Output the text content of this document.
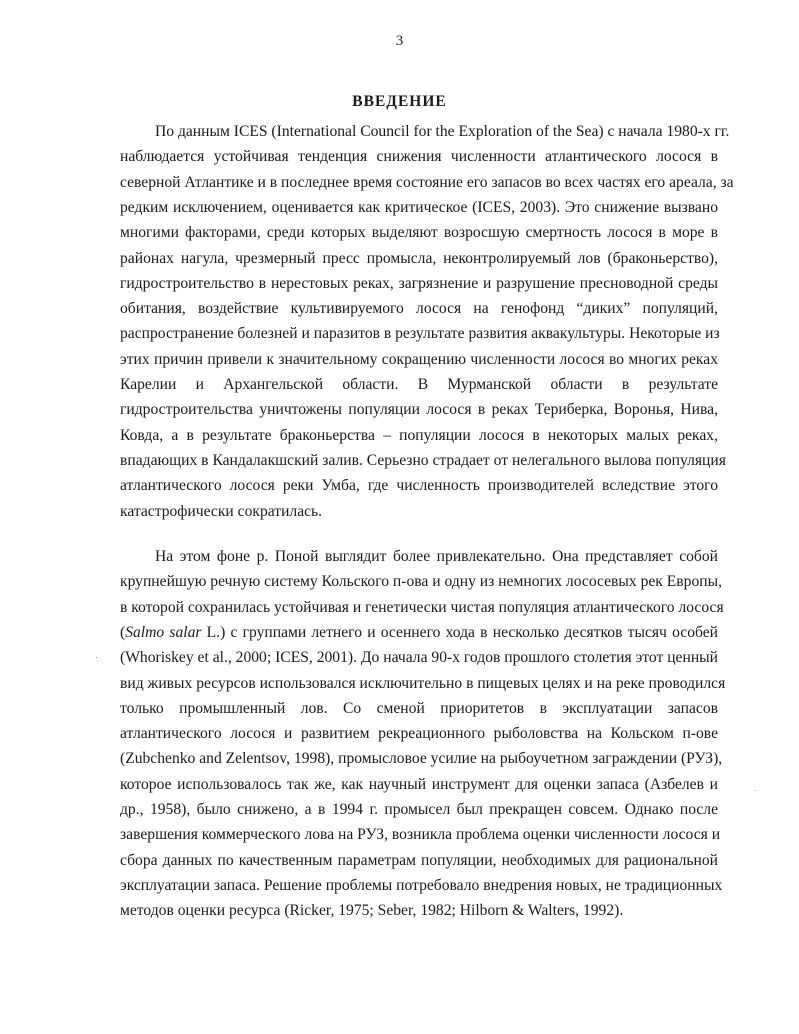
3
ВВЕДЕНИЕ
По данным ICES (International Council for the Exploration of the Sea) с начала 1980-х гг.
наблюдается устойчивая тенденция снижения численности атлантического лосося в
северной Атлантике и в последнее время состояние его запасов во всех частях его ареала, за
редким исключением, оценивается как критическое (ICES, 2003). Это снижение вызвано
многими факторами, среди которых выделяют возросшую смертность лосося в море в
районах нагула, чрезмерный пресс промысла, неконтролируемый лов (браконьерство),
гидростроительство в нерестовых реках, загрязнение и разрушение пресноводной среды
обитания, воздействие культивируемого лосося на генофонд “диких” популяций,
распространение болезней и паразитов в результате развития аквакультуры. Некоторые из
этих причин привели к значительному сокращению численности лосося во многих реках
Карелии и Архангельской области. В Мурманской области в результате
гидростроительства уничтожены популяции лосося в реках Териберка, Воронья, Нива,
Ковда, а в результате браконьерства – популяции лосося в некоторых малых реках,
впадающих в Кандалакшский залив. Серьезно страдает от нелегального вылова популяция
атлантического лосося реки Умба, где численность производителей вследствие этого
катастрофически сократилась.
На этом фоне р. Поной выглядит более привлекательно. Она представляет собой
крупнейшую речную систему Кольского п-ова и одну из немногих лососевых рек Европы,
в которой сохранилась устойчивая и генетически чистая популяция атлантического лосося
(Salmo salar L.) с группами летнего и осеннего хода в несколько десятков тысяч особей
(Whoriskey et al., 2000; ICES, 2001). До начала 90-х годов прошлого столетия этот ценный
вид живых ресурсов использовался исключительно в пищевых целях и на реке проводился
только промышленный лов. Со сменой приоритетов в эксплуатации запасов
атлантического лосося и развитием рекреационного рыболовства на Кольском п-ове
(Zubchenko and Zelentsov, 1998), промысловое усилие на рыбоучетном заграждении (РУЗ),
которое использовалось так же, как научный инструмент для оценки запаса (Азбелев и
др., 1958), было снижено, а в 1994 г. промысел был прекращен совсем. Однако после
завершения коммерческого лова на РУЗ, возникла проблема оценки численности лосося и
сбора данных по качественным параметрам популяции, необходимых для рациональной
эксплуатации запаса. Решение проблемы потребовало внедрения новых, не традиционных
методов оценки ресурса (Ricker, 1975; Seber, 1982; Hilborn & Walters, 1992).
